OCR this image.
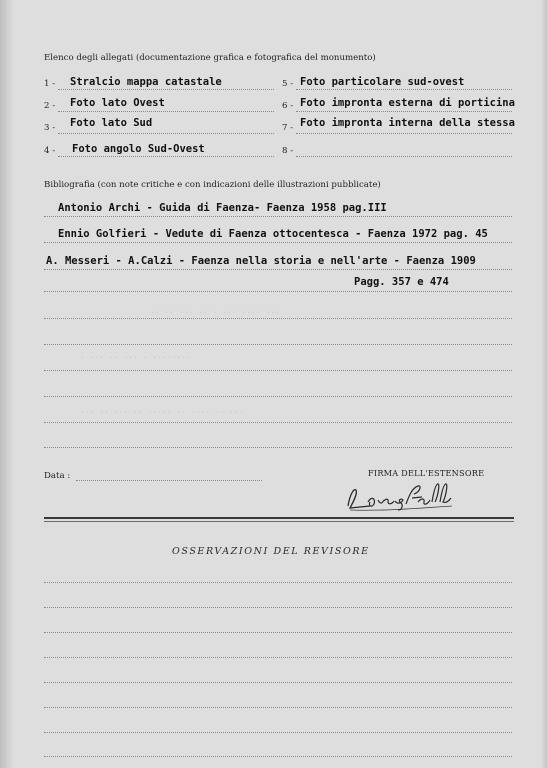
·· ·· ··· ·· · ··· ···· ···
· ··· ·· ··· · ········
··· ·· ··· ·· ····· ·· ···· ·· ···
Elenco degli allegati (documentazione grafica e fotografica del monumento)
1 - Stralcio mappa catastale
2 - Foto lato Ovest
3 - Foto lato Sud
4 - Foto angolo Sud-Ovest
5 - Foto particolare sud-ovest
6 - Foto impronta esterna di porticina
7 - Foto impronta interna della stessa
8 -
Bibliografia (con note critiche e con indicazioni delle illustrazioni pubblicate)
Antonio Archi - Guida di Faenza- Faenza 1958 pag.III
Ennio Golfieri - Vedute di Faenza ottocentesca - Faenza 1972 pag. 45
A. Messeri - A.Calzi - Faenza nella storia e nell'arte - Faenza 1909
Pagg. 357 e 474
Data :	FIRMA DELL'ESTENSORE
OSSERVAZIONI DEL REVISORE
